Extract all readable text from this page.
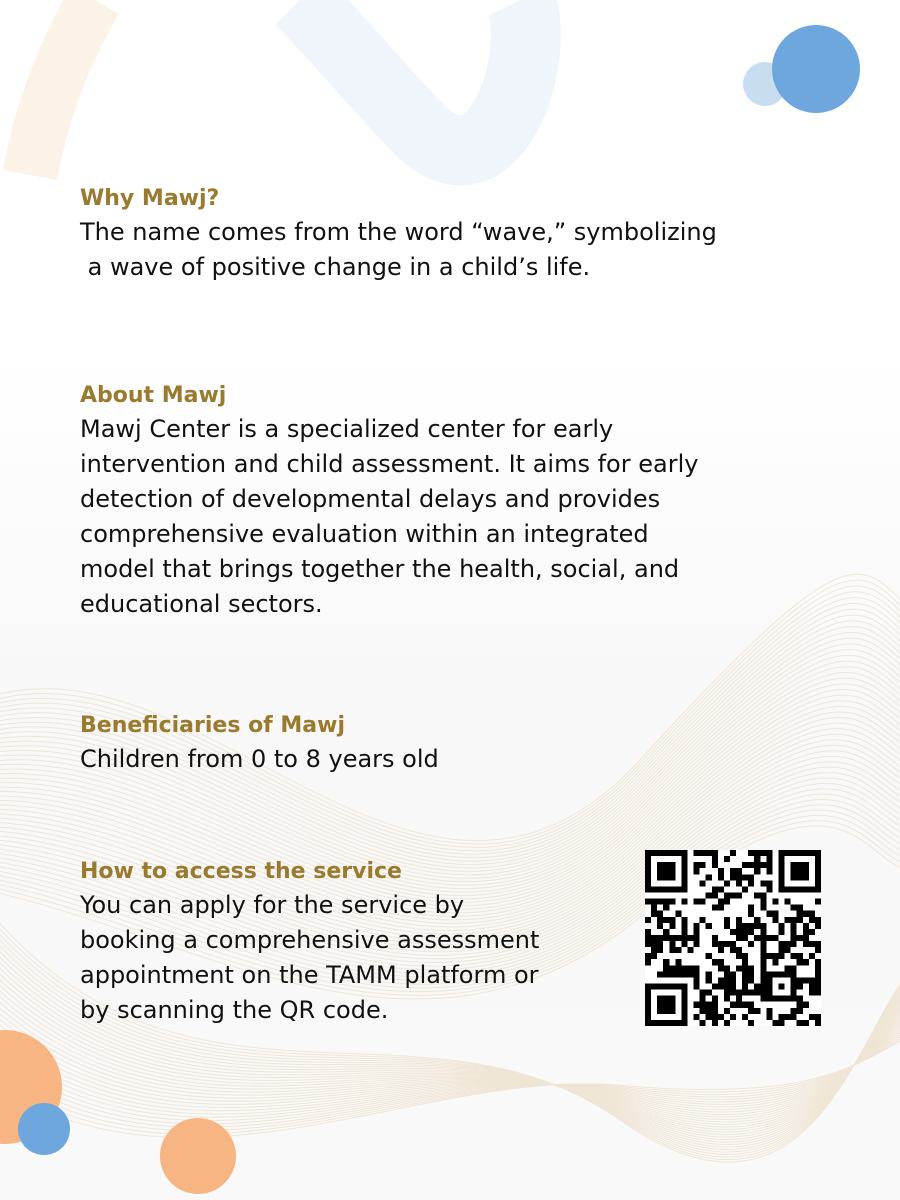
Why Mawj?

The name comes from the word “wave,” symbolizing

a wave of positive change in a child’s life.

About Mawj

Mawj Center is a specialized center for early

intervention and child assessment. It aims for early

detection of developmental delays and provides

comprehensive evaluation within an integrated

model that brings together the health, social, and

educational sectors.

Beneficiaries of Mawj

Children from 0 to 8 years old

How to access the service

You can apply for the service by

booking a comprehensive assessment

appointment on the TAMM platform or

by scanning the QR code.
